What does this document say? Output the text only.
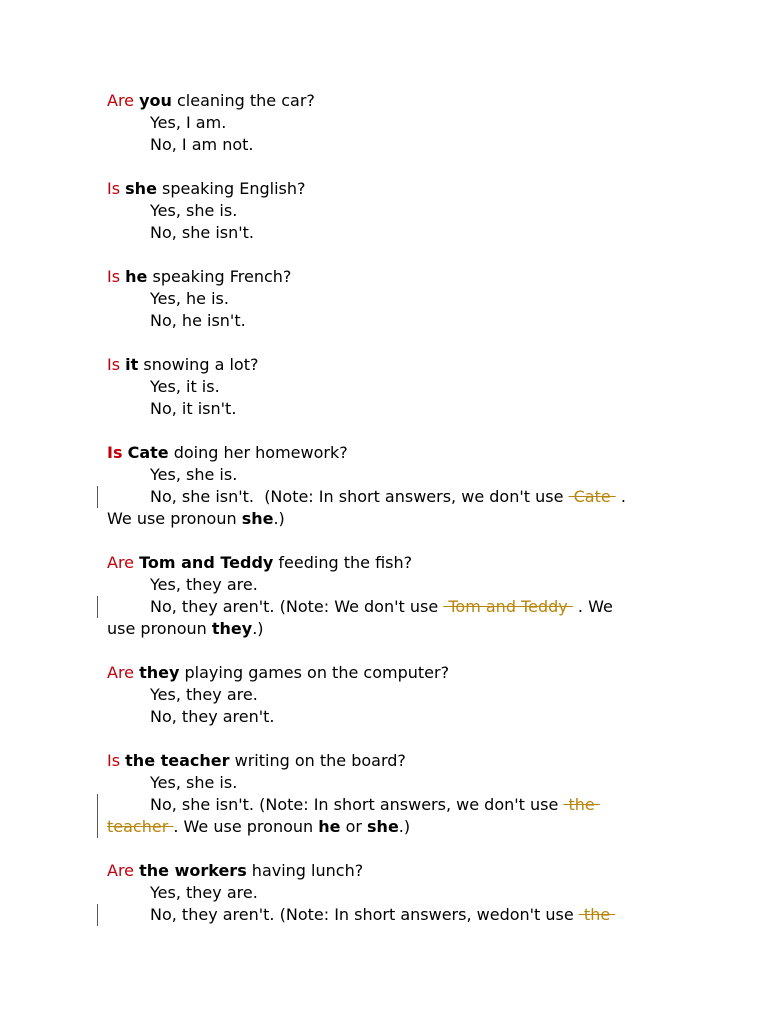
Are you cleaning the car?
Yes, I am.
No, I am not.
Is she speaking English?
Yes, she is.
No, she isn't.
Is he speaking French?
Yes, he is.
No, he isn't.
Is it snowing a lot?
Yes, it is.
No, it isn't.
Is Cate doing her homework?
Yes, she is.
No, she isn't.  (Note: In short answers, we don't use  Cate  .
We use pronoun she.)
Are Tom and Teddy feeding the fish?
Yes, they are.
No, they aren't. (Note: We don't use  Tom and Teddy  . We
use pronoun they.)
Are they playing games on the computer?
Yes, they are.
No, they aren't.
Is the teacher writing on the board?
Yes, she is.
No, she isn't. (Note: In short answers, we don't use  the
teacher . We use pronoun he or she.)
Are the workers having lunch?
Yes, they are.
No, they aren't. (Note: In short answers, wedon't use  the
